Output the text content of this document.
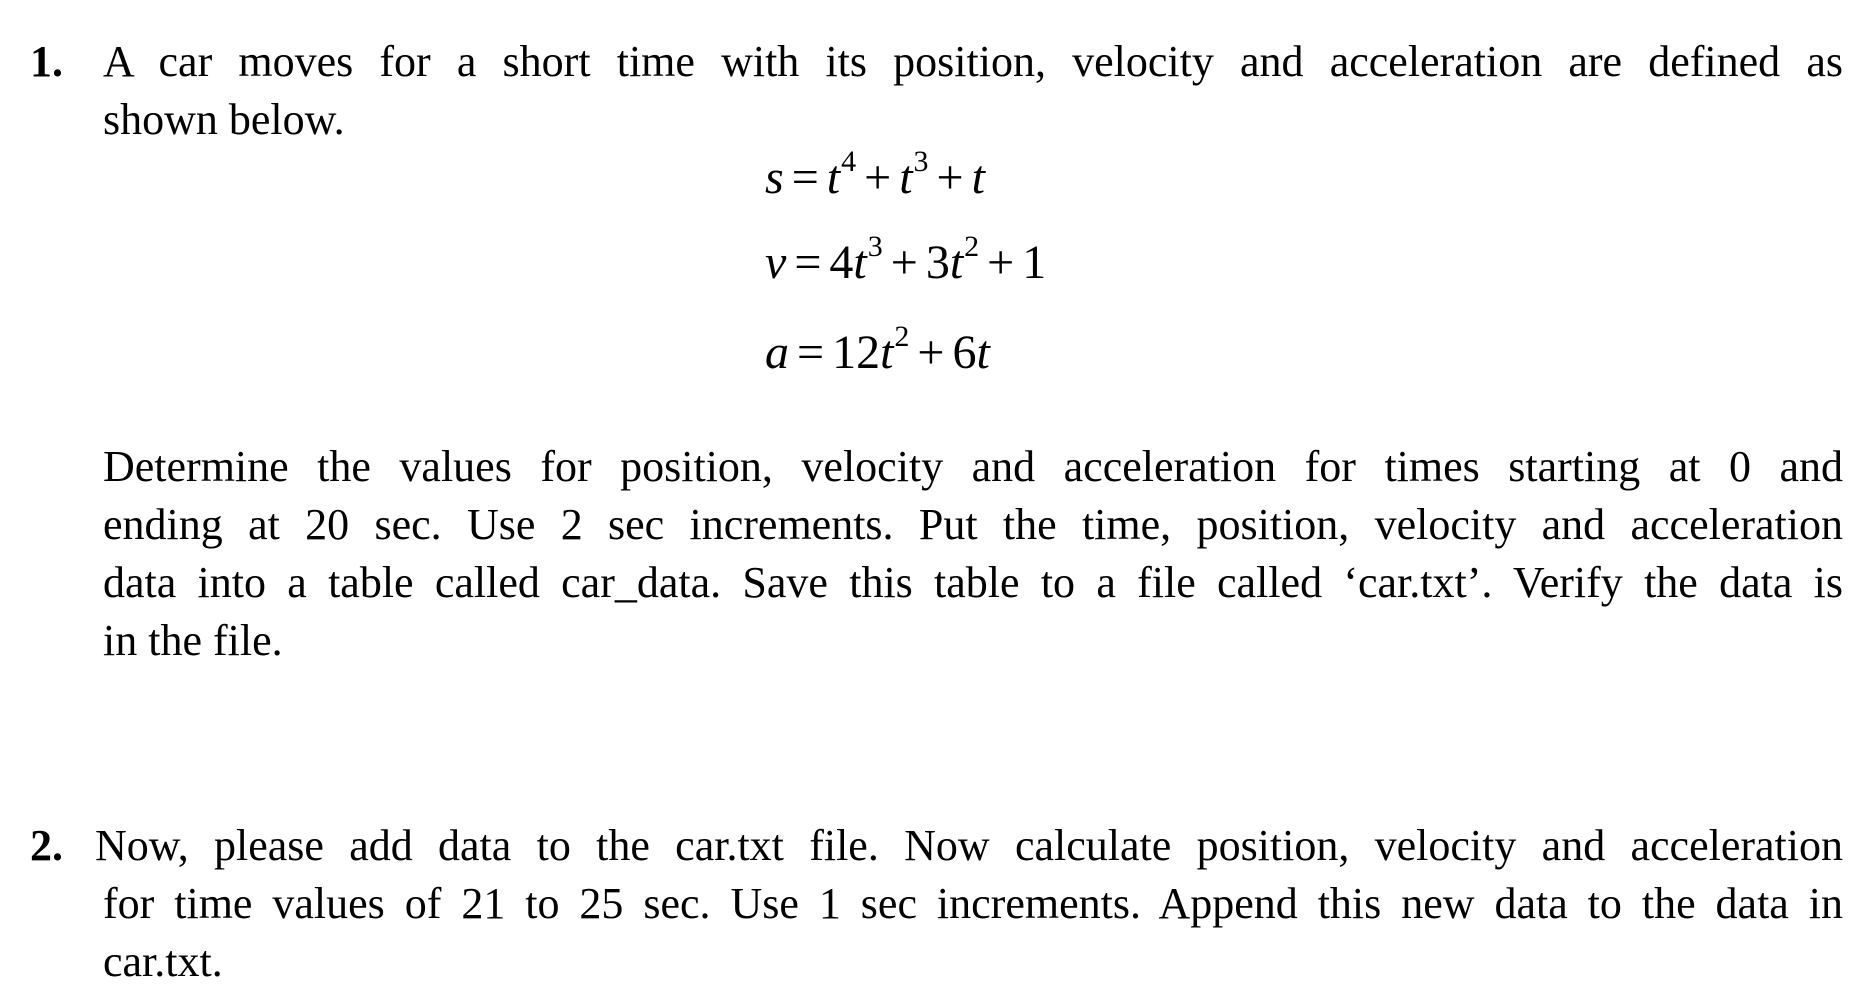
1. A car moves for a short time with its position, velocity and acceleration are defined as
shown below.
$s = t^4 + t^3 + t$
$v = 4t^3 + 3t^2 + 1$
$a = 12t^2 + 6t$
Determine the values for position, velocity and acceleration for times starting at 0 and
ending at 20 sec. Use 2 sec increments. Put the time, position, velocity and acceleration
data into a table called car_data. Save this table to a file called ‘car.txt’. Verify the data is
in the file.
2. Now, please add data to the car.txt file. Now calculate position, velocity and acceleration
for time values of 21 to 25 sec. Use 1 sec increments. Append this new data to the data in
car.txt.
